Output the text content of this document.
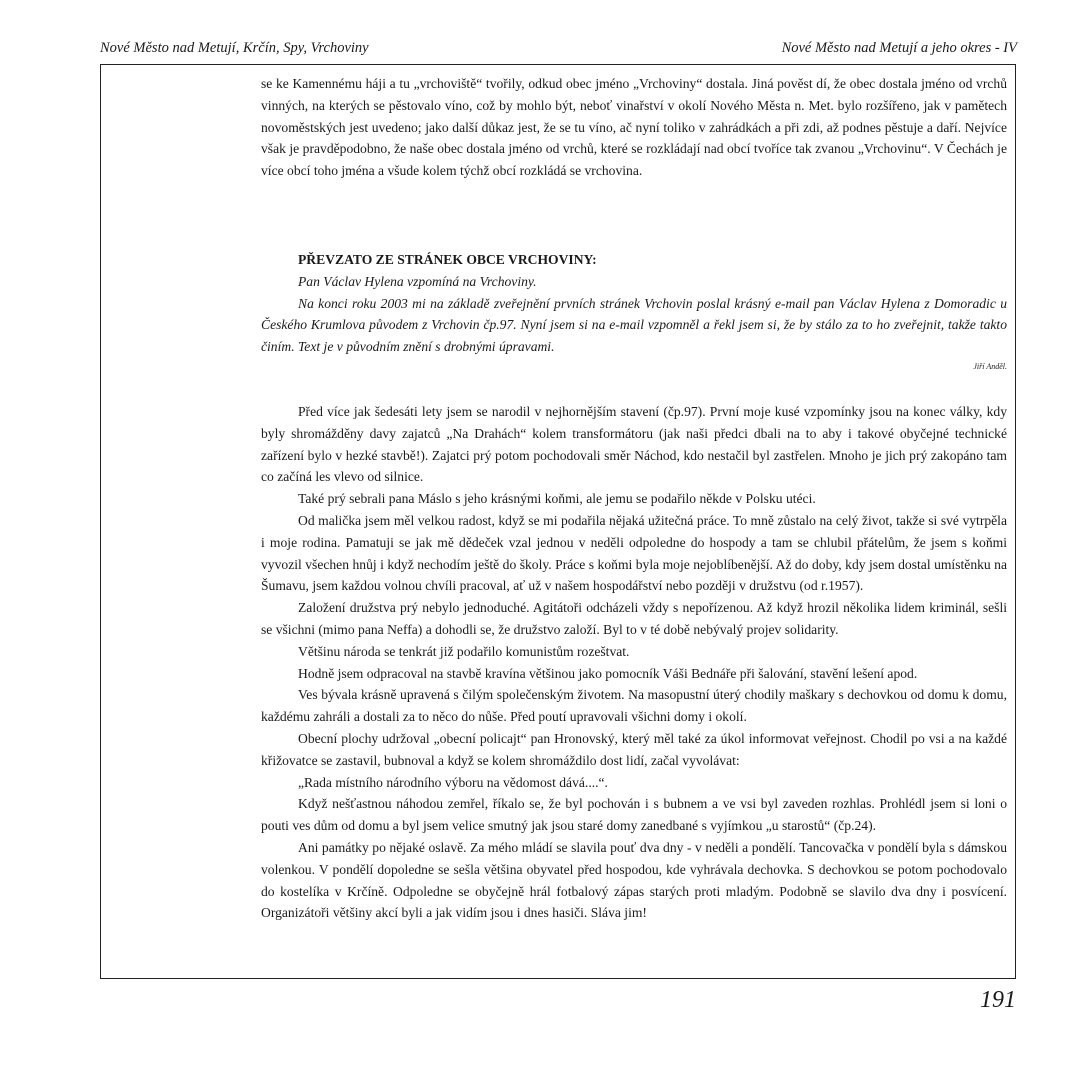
Nové Město nad Metují, Krčín, Spy, Vrchoviny	Nové Město nad Metují a jeho okres - IV

se ke Kamennému háji a tu „vrchoviště“ tvořily, odkud obec jméno „Vrchoviny“ dostala. Jiná pověst dí, že obec dostala jméno od vrchů vinných, na kterých se pěstovalo víno, což by mohlo být, neboť vinařství v okolí Nového Města n. Met. bylo rozšířeno, jak v pamětech novoměstských jest uvedeno; jako další důkaz jest, že se tu víno, ač nyní toliko v zahrádkách a při zdi, až podnes pěstuje a daří. Nejvíce však je pravděpodobno, že naše obec dostala jméno od vrchů, které se rozkládají nad obcí tvoříce tak zvanou „Vrchovinu“. V Čechách je více obcí toho jména a všude kolem týchž obcí rozkládá se vrchovina.

PŘEVZATO ZE STRÁNEK OBCE VRCHOVINY:

Pan Václav Hylena vzpomíná na Vrchoviny.

Na konci roku 2003 mi na základě zveřejnění prvních stránek Vrchovin poslal krásný e-mail pan Václav Hylena z Domoradic u Českého Krumlova původem z Vrchovin čp.97. Nyní jsem si na e-mail vzpomněl a řekl jsem si, že by stálo za to ho zveřejnit, takže takto činím. Text je v původním znění s drobnými úpravami.

Jiří Anděl.

Před více jak šedesáti lety jsem se narodil v nejhornějším stavení (čp.97). První moje kusé vzpomínky jsou na konec války, kdy byly shromážděny davy zajatců „Na Drahách“ kolem transformátoru (jak naši předci dbali na to aby i takové obyčejné technické zařízení bylo v hezké stavbě!). Zajatci prý potom pochodovali směr Náchod, kdo nestačil byl zastřelen. Mnoho je jich prý zakopáno tam co začíná les vlevo od silnice.

Také prý sebrali pana Máslo s jeho krásnými koňmi, ale jemu se podařilo někde v Polsku utéci.

Od malička jsem měl velkou radost, když se mi podařila nějaká užitečná práce. To mně zůstalo na celý život, takže si své vytrpěla i moje rodina. Pamatuji se jak mě dědeček vzal jednou v neděli odpoledne do hospody a tam se chlubil přátelům, že jsem s koňmi vyvozil všechen hnůj i když nechodím ještě do školy. Práce s koňmi byla moje nejoblíbenější. Až do doby, kdy jsem dostal umístěnku na Šumavu, jsem každou volnou chvíli pracoval, ať už v našem hospodářství nebo později v družstvu (od r.1957).

Založení družstva prý nebylo jednoduché. Agitátoři odcházeli vždy s nepořízenou. Až když hrozil několika lidem kriminál, sešli se všichni (mimo pana Neffa) a dohodli se, že družstvo založí. Byl to v té době nebývalý projev solidarity.

Většinu národa se tenkrát již podařilo komunistům rozeštvat.

Hodně jsem odpracoval na stavbě kravína většinou jako pomocník Váši Bednáře při šalování, stavění lešení apod.

Ves bývala krásně upravená s čilým společenským životem. Na masopustní úterý chodily maškary s dechovkou od domu k domu, každému zahráli a dostali za to něco do nůše. Před poutí upravovali všichni domy i okolí.

Obecní plochy udržoval „obecní policajt“ pan Hronovský, který měl také za úkol informovat veřejnost. Chodil po vsi a na každé křižovatce se zastavil, bubnoval a když se kolem shromáždilo dost lidí, začal vyvolávat:

„Rada místního národního výboru na vědomost dává....“.

Když nešťastnou náhodou zemřel, říkalo se, že byl pochován i s bubnem a ve vsi byl zaveden rozhlas. Prohlédl jsem si loni o pouti ves dům od domu a byl jsem velice smutný jak jsou staré domy zanedbané s vyjímkou „u starostů“ (čp.24).

Ani památky po nějaké oslavě. Za mého mládí se slavila pouť dva dny - v neděli a pondělí. Tancovačka v pondělí byla s dámskou volenkou. V pondělí dopoledne se sešla většina obyvatel před hospodou, kde vyhrávala dechovka. S dechovkou se potom pochodovalo do kostelíka v Krčíně. Odpoledne se obyčejně hrál fotbalový zápas starých proti mladým. Podobně se slavilo dva dny i posvícení. Organizátoři většiny akcí byli a jak vidím jsou i dnes hasiči. Sláva jim!

191
